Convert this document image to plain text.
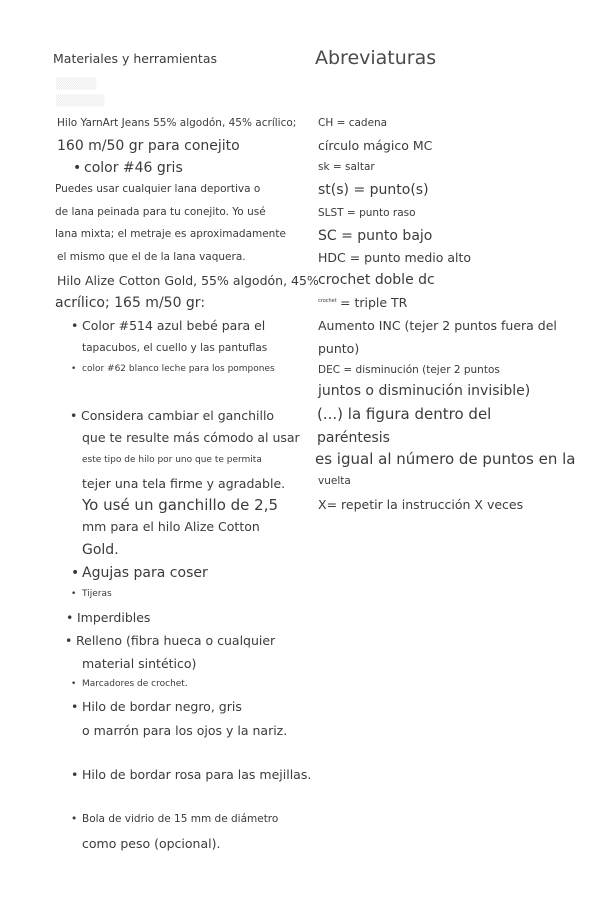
▒▒▒▒▒
▒▒▒▒▒▒
Materiales y herramientas
Hilo YarnArt Jeans 55% algodón, 45% acrílico;
160 m/50 gr para conejito
• color #46 gris
Puedes usar cualquier lana deportiva o
de lana peinada para tu conejito. Yo usé
lana mixta; el metraje es aproximadamente
el mismo que el de la lana vaquera.
Hilo Alize Cotton Gold, 55% algodón, 45%
acrílico; 165 m/50 gr:
• Color #514 azul bebé para el
tapacubos, el cuello y las pantuflas
• color #62 blanco leche para los pompones
• Considera cambiar el ganchillo
que te resulte más cómodo al usar
este tipo de hilo por uno que te permita
tejer una tela firme y agradable.
Yo usé un ganchillo de 2,5
mm para el hilo Alize Cotton
Gold.
• Agujas para coser
• Tijeras
• Imperdibles
• Relleno (fibra hueca o cualquier
material sintético)
• Marcadores de crochet.
• Hilo de bordar negro, gris
o marrón para los ojos y la nariz.
• Hilo de bordar rosa para las mejillas.
• Bola de vidrio de 15 mm de diámetro
como peso (opcional).
Abreviaturas
CH = cadena
círculo mágico MC
sk = saltar
st(s) = punto(s)
SLST = punto raso
SC = punto bajo
HDC = punto medio alto
crochet doble dc
crochet = triple TR
Aumento INC (tejer 2 puntos fuera del
punto)
DEC = disminución (tejer 2 puntos
juntos o disminución invisible)
(...) la figura dentro del
paréntesis
es igual al número de puntos en la
vuelta
X= repetir la instrucción X veces
